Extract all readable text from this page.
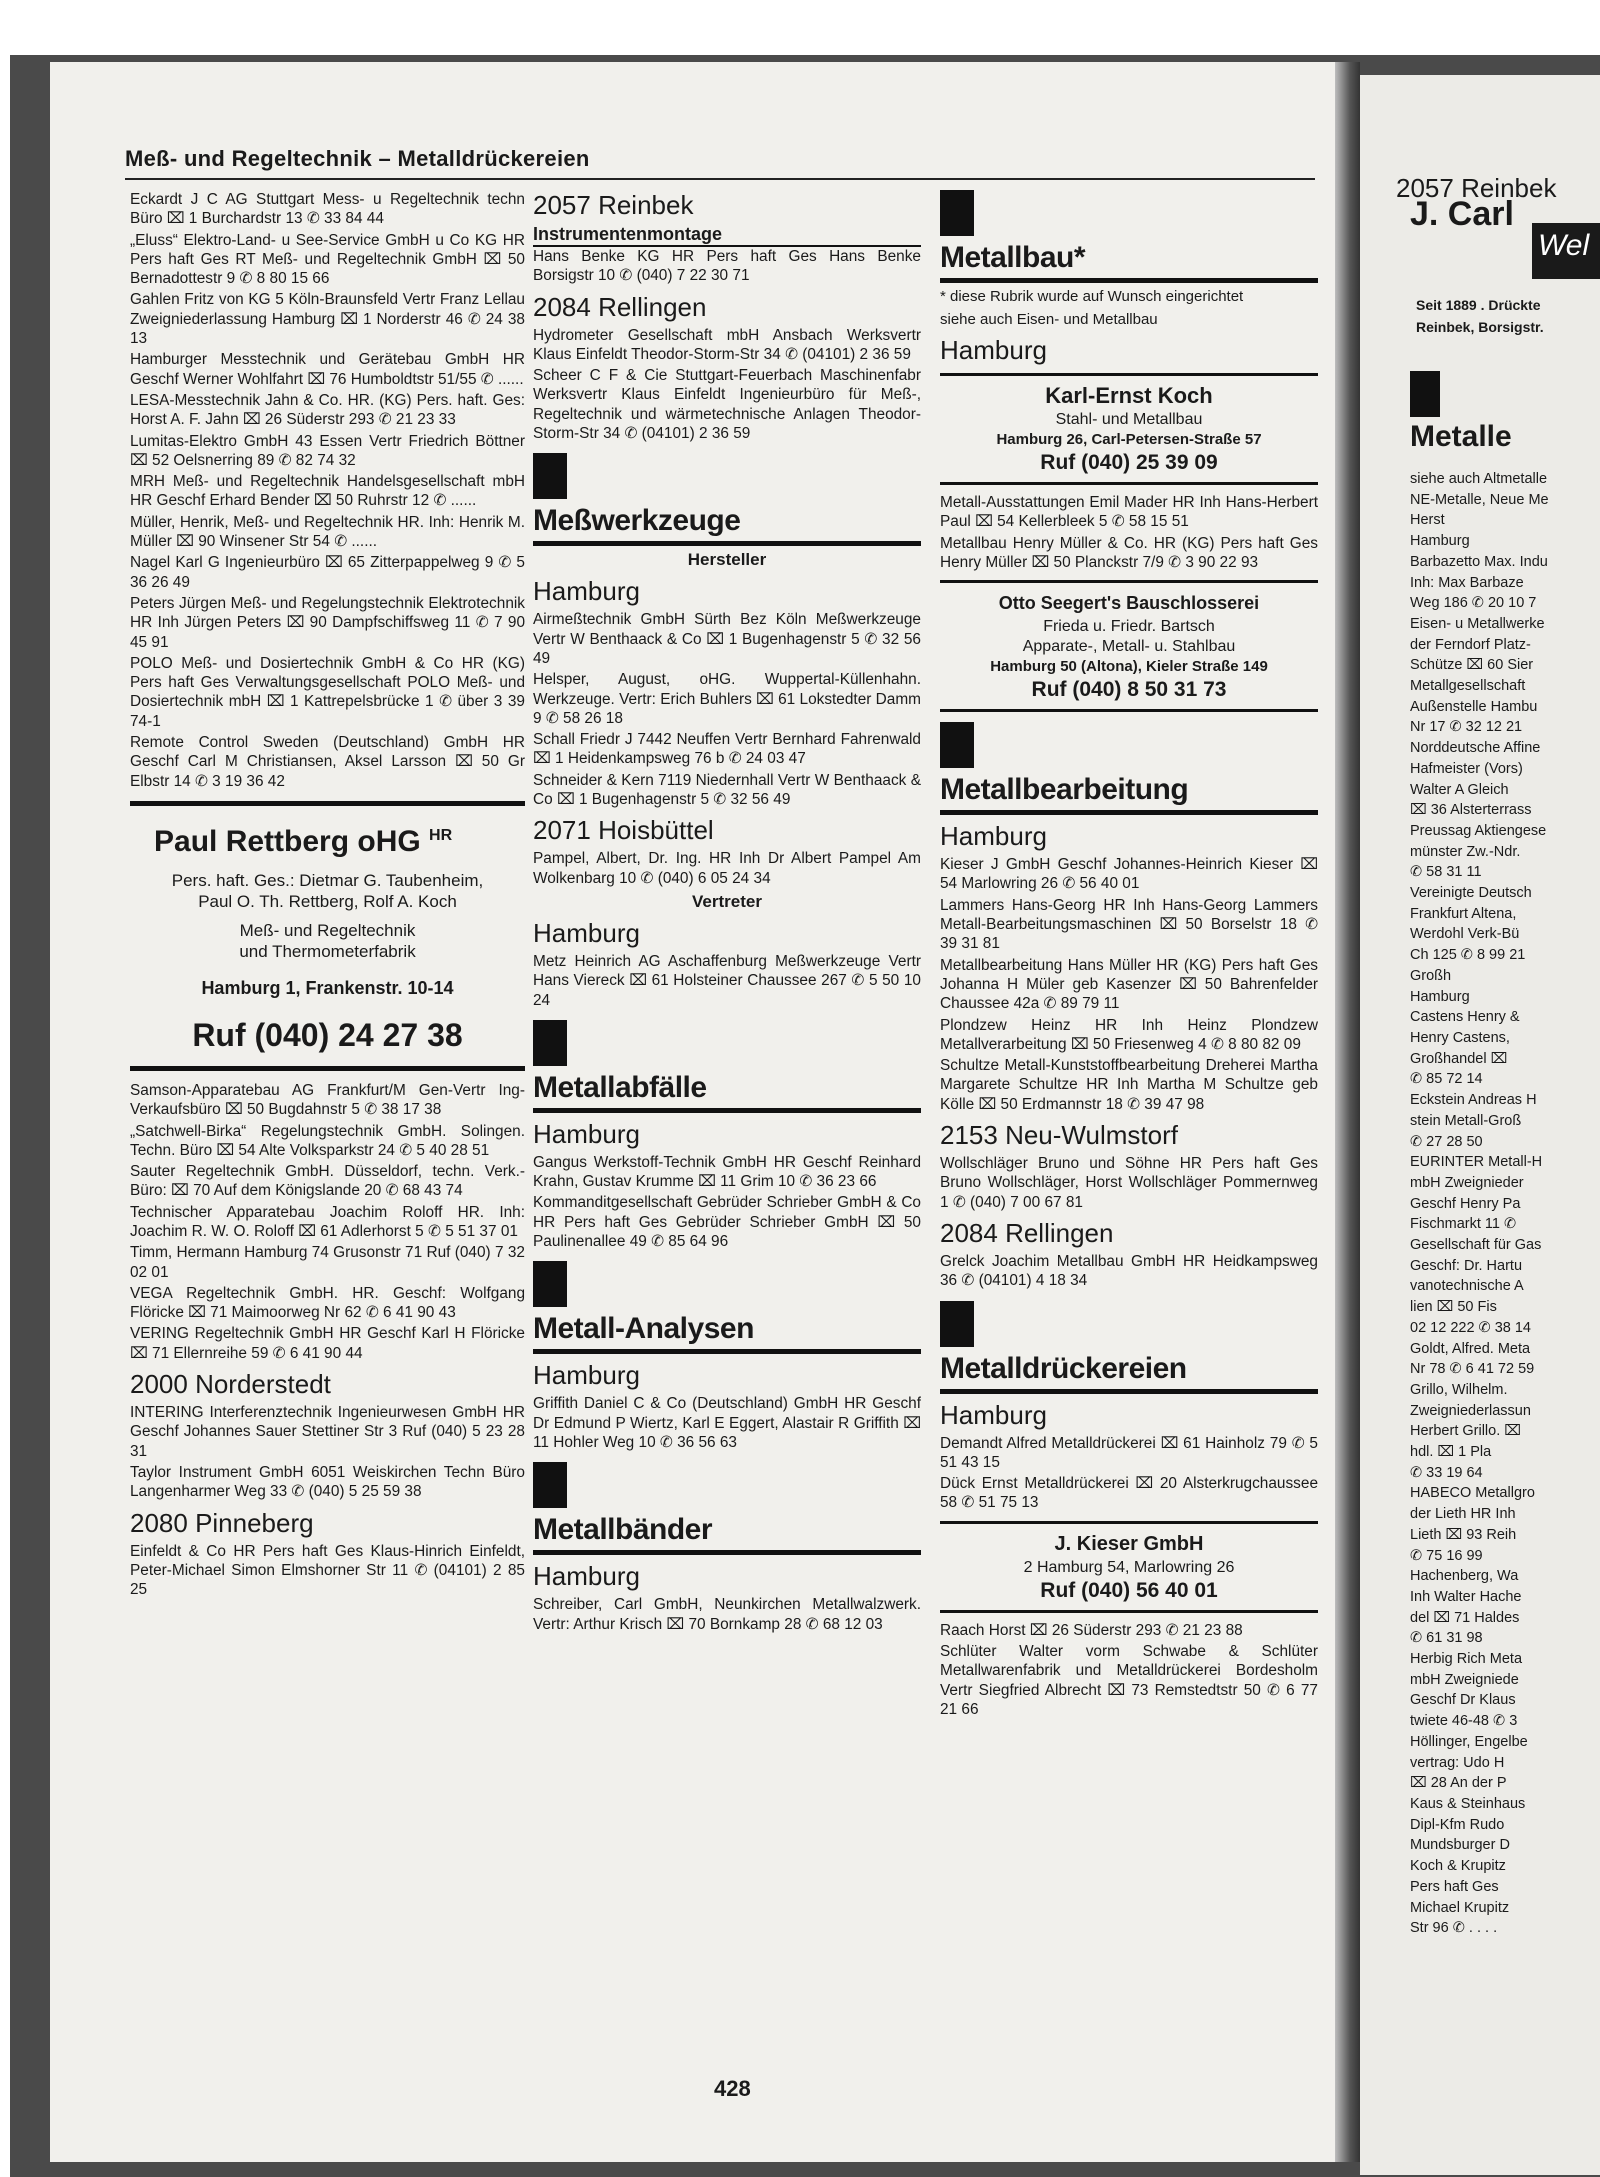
Meß- und Regeltechnik – Metalldrückereien
Eckardt J C AG Stuttgart Mess- u Regeltechnik techn Büro ⌧ 1 Burchardstr 13 ✆ 33 84 44
„Eluss“ Elektro-Land- u See-Service GmbH u Co KG HR Pers haft Ges RT Meß- und Regeltechnik GmbH ⌧ 50 Bernadottestr 9 ✆ 8 80 15 66
Gahlen Fritz von KG 5 Köln-Braunsfeld Vertr Franz Lellau Zweigniederlassung Hamburg ⌧ 1 Norderstr 46 ✆ 24 38 13
Hamburger Messtechnik und Gerätebau GmbH HR Geschf Werner Wohlfahrt ⌧ 76 Humboldtstr 51/55 ✆ ......
LESA-Messtechnik Jahn & Co. HR. (KG) Pers. haft. Ges: Horst A. F. Jahn ⌧ 26 Süderstr 293 ✆ 21 23 33
Lumitas-Elektro GmbH 43 Essen Vertr Friedrich Böttner ⌧ 52 Oelsnerring 89 ✆ 82 74 32
MRH Meß- und Regeltechnik Handelsgesellschaft mbH HR Geschf Erhard Bender ⌧ 50 Ruhrstr 12 ✆ ......
Müller, Henrik, Meß- und Regeltechnik HR. Inh: Henrik M. Müller ⌧ 90 Winsener Str 54 ✆ ......
Nagel Karl G Ingenieurbüro ⌧ 65 Zitterpappelweg 9 ✆ 5 36 26 49
Peters Jürgen Meß- und Regelungstechnik Elektrotechnik HR Inh Jürgen Peters ⌧ 90 Dampfschiffsweg 11 ✆ 7 90 45 91
POLO Meß- und Dosiertechnik GmbH & Co HR (KG) Pers haft Ges Verwaltungsgesellschaft POLO Meß- und Dosiertechnik mbH ⌧ 1 Kattrepelsbrücke 1 ✆ über 3 39 74-1
Remote Control Sweden (Deutschland) GmbH HR Geschf Carl M Christiansen, Aksel Larsson ⌧ 50 Gr Elbstr 14 ✆ 3 19 36 42
Paul Rettberg oHG $^{HR}$
Pers. haft. Ges.: Dietmar G. Taubenheim,
Paul O. Th. Rettberg, Rolf A. Koch
Meß- und Regeltechnik
und Thermometerfabrik
Hamburg 1, Frankenstr. 10-14
Ruf (040) 24 27 38
Samson-Apparatebau AG Frankfurt/M Gen-Vertr Ing-Verkaufsbüro ⌧ 50 Bugdahnstr 5 ✆ 38 17 38
„Satchwell-Birka“ Regelungstechnik GmbH. Solingen. Techn. Büro ⌧ 54 Alte Volksparkstr 24 ✆ 5 40 28 51
Sauter Regeltechnik GmbH. Düsseldorf, techn. Verk.-Büro: ⌧ 70 Auf dem Königslande 20 ✆ 68 43 74
Technischer Apparatebau Joachim Roloff HR. Inh: Joachim R. W. O. Roloff ⌧ 61 Adlerhorst 5 ✆ 5 51 37 01
Timm, Hermann Hamburg 74 Grusonstr 71 Ruf (040) 7 32 02 01
VEGA Regeltechnik GmbH. HR. Geschf: Wolfgang Flöricke ⌧ 71 Maimoorweg Nr 62 ✆ 6 41 90 43
VERING Regeltechnik GmbH HR Geschf Karl H Flöricke ⌧ 71 Ellernreihe 59 ✆ 6 41 90 44
2000 Norderstedt
INTERING Interferenztechnik Ingenieurwesen GmbH HR Geschf Johannes Sauer Stettiner Str 3 Ruf (040) 5 23 28 31
Taylor Instrument GmbH 6051 Weiskirchen Techn Büro Langenharmer Weg 33 ✆ (040) 5 25 59 38
2080 Pinneberg
Einfeldt & Co HR Pers haft Ges Klaus-Hinrich Einfeldt, Peter-Michael Simon Elmshorner Str 11 ✆ (04101) 2 85 25
2057 Reinbek
Instrumentenmontage
Hans Benke KG HR Pers haft Ges Hans Benke Borsigstr 10 ✆ (040) 7 22 30 71
2084 Rellingen
Hydrometer Gesellschaft mbH Ansbach Werksvertr Klaus Einfeldt Theodor-Storm-Str 34 ✆ (04101) 2 36 59
Scheer C F & Cie Stuttgart-Feuerbach Maschinenfabr Werksvertr Klaus Einfeldt Ingenieurbüro für Meß-, Regeltechnik und wärmetechnische Anlagen Theodor-Storm-Str 34 ✆ (04101) 2 36 59
Meßwerkzeuge
Hersteller
Hamburg
Airmeßtechnik GmbH Sürth Bez Köln Meßwerkzeuge Vertr W Benthaack & Co ⌧ 1 Bugenhagenstr 5 ✆ 32 56 49
Helsper, August, oHG. Wuppertal-Küllenhahn. Werkzeuge. Vertr: Erich Buhlers ⌧ 61 Lokstedter Damm 9 ✆ 58 26 18
Schall Friedr J 7442 Neuffen Vertr Bernhard Fahrenwald ⌧ 1 Heidenkampsweg 76 b ✆ 24 03 47
Schneider & Kern 7119 Niedernhall Vertr W Benthaack & Co ⌧ 1 Bugenhagenstr 5 ✆ 32 56 49
2071 Hoisbüttel
Pampel, Albert, Dr. Ing. HR Inh Dr Albert Pampel Am Wolkenbarg 10 ✆ (040) 6 05 24 34
Vertreter
Hamburg
Metz Heinrich AG Aschaffenburg Meßwerkzeuge Vertr Hans Viereck ⌧ 61 Holsteiner Chaussee 267 ✆ 5 50 10 24
Metallabfälle
Hamburg
Gangus Werkstoff-Technik GmbH HR Geschf Reinhard Krahn, Gustav Krumme ⌧ 11 Grim 10 ✆ 36 23 66
Kommanditgesellschaft Gebrüder Schrieber GmbH & Co HR Pers haft Ges Gebrüder Schrieber GmbH ⌧ 50 Paulinenallee 49 ✆ 85 64 96
Metall-Analysen
Hamburg
Griffith Daniel C & Co (Deutschland) GmbH HR Geschf Dr Edmund P Wiertz, Karl E Eggert, Alastair R Griffith ⌧ 11 Hohler Weg 10 ✆ 36 56 63
Metallbänder
Hamburg
Schreiber, Carl GmbH, Neunkirchen Metallwalzwerk. Vertr: Arthur Krisch ⌧ 70 Bornkamp 28 ✆ 68 12 03
Metallbau*
* diese Rubrik wurde auf Wunsch eingerichtet
siehe auch Eisen- und Metallbau
Hamburg
Karl-Ernst Koch
Stahl- und Metallbau
Hamburg 26, Carl-Petersen-Straße 57
Ruf (040) 25 39 09
Metall-Ausstattungen Emil Mader HR Inh Hans-Herbert Paul ⌧ 54 Kellerbleek 5 ✆ 58 15 51
Metallbau Henry Müller & Co. HR (KG) Pers haft Ges Henry Müller ⌧ 50 Planckstr 7/9 ✆ 3 90 22 93
Otto Seegert's Bauschlosserei
Frieda u. Friedr. Bartsch
Apparate-, Metall- u. Stahlbau
Hamburg 50 (Altona), Kieler Straße 149
Ruf (040) 8 50 31 73
Metallbearbeitung
Hamburg
Kieser J GmbH Geschf Johannes-Heinrich Kieser ⌧ 54 Marlowring 26 ✆ 56 40 01
Lammers Hans-Georg HR Inh Hans-Georg Lammers Metall-Bearbeitungsmaschinen ⌧ 50 Borselstr 18 ✆ 39 31 81
Metallbearbeitung Hans Müller HR (KG) Pers haft Ges Johanna H Müler geb Kasenzer ⌧ 50 Bahrenfelder Chaussee 42a ✆ 89 79 11
Plondzew Heinz HR Inh Heinz Plondzew Metallverarbeitung ⌧ 50 Friesenweg 4 ✆ 8 80 82 09
Schultze Metall-Kunststoffbearbeitung Dreherei Martha Margarete Schultze HR Inh Martha M Schultze geb Kölle ⌧ 50 Erdmannstr 18 ✆ 39 47 98
2153 Neu-Wulmstorf
Wollschläger Bruno und Söhne HR Pers haft Ges Bruno Wollschläger, Horst Wollschläger Pommernweg 1 ✆ (040) 7 00 67 81
2084 Rellingen
Grelck Joachim Metallbau GmbH HR Heidkampsweg 36 ✆ (04101) 4 18 34
Metalldrückereien
Hamburg
Demandt Alfred Metalldrückerei ⌧ 61 Hainholz 79 ✆ 5 51 43 15
Dück Ernst Metalldrückerei ⌧ 20 Alsterkrugchaussee 58 ✆ 51 75 13
J. Kieser GmbH
2 Hamburg 54, Marlowring 26
Ruf (040) 56 40 01
Raach Horst ⌧ 26 Süderstr 293 ✆ 21 23 88
Schlüter Walter vorm Schwabe & Schlüter Metallwarenfabrik und Metalldrückerei Bordesholm Vertr Siegfried Albrecht ⌧ 73 Remstedtstr 50 ✆ 6 77 21 66
428
2057 Reinbek
J. Carl
Wel
Seit 1889 . Drückte
Reinbek, Borsigstr.
Metalle
siehe auch Altmetalle
NE-Metalle, Neue Me
Herst
Hamburg
Barbazetto Max. Indu
Inh: Max Barbaze
Weg 186 ✆ 20 10 7
Eisen- u Metallwerke
der Ferndorf Platz-
Schütze ⌧ 60 Sier
Metallgesellschaft
Außenstelle Hambu
Nr 17 ✆ 32 12 21
Norddeutsche Affine
Hafmeister (Vors)
Walter A Gleich
⌧ 36 Alsterterrass
Preussag Aktiengese
münster Zw.-Ndr.
✆ 58 31 11
Vereinigte Deutsch
Frankfurt Altena,
Werdohl Verk-Bü
Ch 125 ✆ 8 99 21
Großh
Hamburg
Castens Henry &
Henry Castens,
Großhandel ⌧
✆ 85 72 14
Eckstein Andreas H
stein Metall-Groß
✆ 27 28 50
EURINTER Metall-H
mbH Zweignieder
Geschf Henry Pa
Fischmarkt 11 ✆
Gesellschaft für Gas
Geschf: Dr. Hartu
vanotechnische A
lien ⌧ 50 Fis
02 12 222 ✆ 38 14
Goldt, Alfred. Meta
Nr 78 ✆ 6 41 72 59
Grillo, Wilhelm.
Zweigniederlassun
Herbert Grillo. ⌧
hdl. ⌧ 1 Pla
✆ 33 19 64
HABECO Metallgro
der Lieth HR Inh
Lieth ⌧ 93 Reih
✆ 75 16 99
Hachenberg, Wa
Inh Walter Hache
del ⌧ 71 Haldes
✆ 61 31 98
Herbig Rich Meta
mbH Zweigniede
Geschf Dr Klaus
twiete 46-48 ✆ 3
Höllinger, Engelbe
vertrag: Udo H
⌧ 28 An der P
Kaus & Steinhaus
Dipl-Kfm Rudo
Mundsburger D
Koch & Krupitz
Pers haft Ges
Michael Krupitz
Str 96 ✆ . . . .
